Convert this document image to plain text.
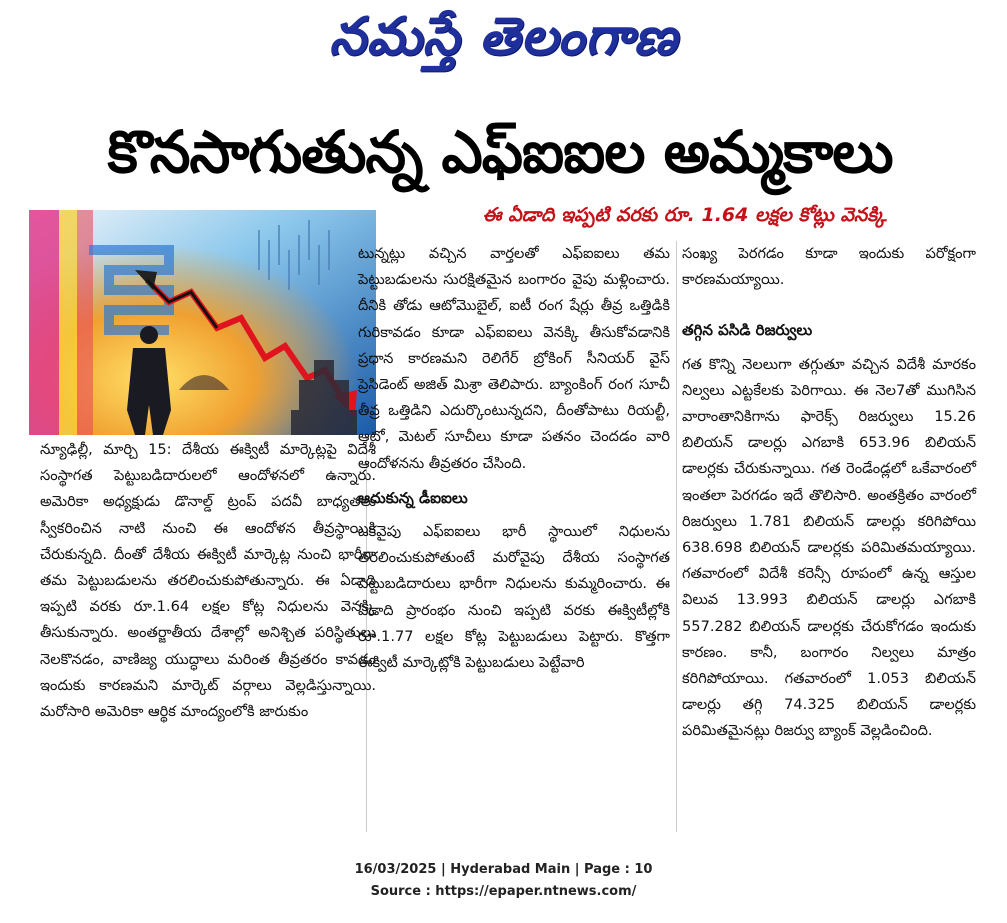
నమస్తే తెలంగాణ
కొనసాగుతున్న ఎఫ్‌ఐఐల అమ్మకాలు
ఈ ఏడాది ఇప్పటి వరకు రూ. 1.64 లక్షల కోట్లు వెనక్కి

న్యూఢిల్లీ, మార్చి 15: దేశీయ ఈక్విటీ మార్కెట్లపై విదేశీ సంస్థాగత పెట్టుబడిదారులలో ఆందోళనలో ఉన్నారు. అమెరికా అధ్యక్షుడు డొనాల్డ్ ట్రంప్ పదవీ బాధ్యతలు స్వీకరించిన నాటి నుంచి ఈ ఆందోళన తీవ్రస్థాయికి చేరుకున్నది. దీంతో దేశీయ ఈక్విటీ మార్కెట్ల నుంచి భారీగా తమ పెట్టుబడులను తరలించుకుపోతున్నారు. ఈ ఏడాది ఇప్పటి వరకు రూ.1.64 లక్షల కోట్ల నిధులను వెనక్కి తీసుకున్నారు. అంతర్జాతీయ దేశాల్లో అనిశ్చిత పరిస్థితులు నెలకొనడం, వాణిజ్య యుద్ధాలు మరింత తీవ్రతరం కావడం ఇందుకు కారణమని మార్కెట్ వర్గాలు వెల్లడిస్తున్నాయి. మరోసారి అమెరికా ఆర్థిక మాంద్యంలోకి జారుకుం

టున్నట్లు వచ్చిన వార్తలతో ఎఫ్‌ఐఐలు తమ పెట్టుబడులను సురక్షితమైన బంగారం వైపు మళ్లించారు. దీనికి తోడు ఆటోమొబైల్, ఐటీ రంగ షేర్లు తీవ్ర ఒత్తిడికి గురికావడం కూడా ఎఫ్‌ఐఐలు వెనక్కి తీసుకోవడానికి ప్రధాన కారణమని రెలిగేర్ బ్రోకింగ్ సీనియర్ వైస్ ప్రెసిడెంట్ అజిత్ మిశ్రా తెలిపారు. బ్యాంకింగ్ రంగ సూచీ తీవ్ర ఒత్తిడిని ఎదుర్కొంటున్నదని, దీంతోపాటు రియల్టీ, ఆటో, మెటల్ సూచీలు కూడా పతనం చెందడం వారి ఆందోళనను తీవ్రతరం చేసింది.

ఆదుకున్న డీఐఐలు

ఒకవైపు ఎఫ్‌ఐఐలు భారీ స్థాయిలో నిధులను తరలించుకుపోతుంటే మరోవైపు దేశీయ సంస్థాగత పెట్టుబడిదారులు భారీగా నిధులను కుమ్మరించారు. ఈ ఏడాది ప్రారంభం నుంచి ఇప్పటి వరకు ఈక్విటీల్లోకి రూ.1.77 లక్షల కోట్ల పెట్టుబడులు పెట్టారు. కొత్తగా ఈక్విటీ మార్కెట్లోకి పెట్టుబడులు పెట్టేవారి

సంఖ్య పెరగడం కూడా ఇందుకు పరోక్షంగా కారణమయ్యాయి.

తగ్గిన పసిడి రిజర్వులు

గత కొన్ని నెలలుగా తగ్గుతూ వచ్చిన విదేశీ మారకం నిల్వలు ఎట్టకేలకు పెరిగాయి. ఈ నెల7తో ముగిసిన వారాంతానికిగాను ఫారెక్స్ రిజర్వులు 15.26 బిలియన్ డాలర్లు ఎగబాకి 653.96 బిలియన్ డాలర్లకు చేరుకున్నాయి. గత రెండేండ్లలో ఒకేవారంలో ఇంతలా పెరగడం ఇదే తొలిసారి. అంతక్రితం వారంలో రిజర్వులు 1.781 బిలియన్ డాలర్లు కరిగిపోయి 638.698 బిలియన్ డాలర్లకు పరిమితమయ్యాయి. గతవారంలో విదేశీ కరెన్సీ రూపంలో ఉన్న ఆస్తుల విలువ 13.993 బిలియన్ డాలర్లు ఎగబాకి 557.282 బిలియన్ డాలర్లకు చేరుకోగడం ఇందుకు కారణం. కానీ, బంగారం నిల్వలు మాత్రం కరిగిపోయాయి. గతవారంలో 1.053 బిలియన్ డాలర్లు తగ్గి 74.325 బిలియన్ డాలర్లకు పరిమితమైనట్లు రిజర్వు బ్యాంక్ వెల్లడించింది.

16/03/2025 | Hyderabad Main | Page : 10
Source : https://epaper.ntnews.com/
